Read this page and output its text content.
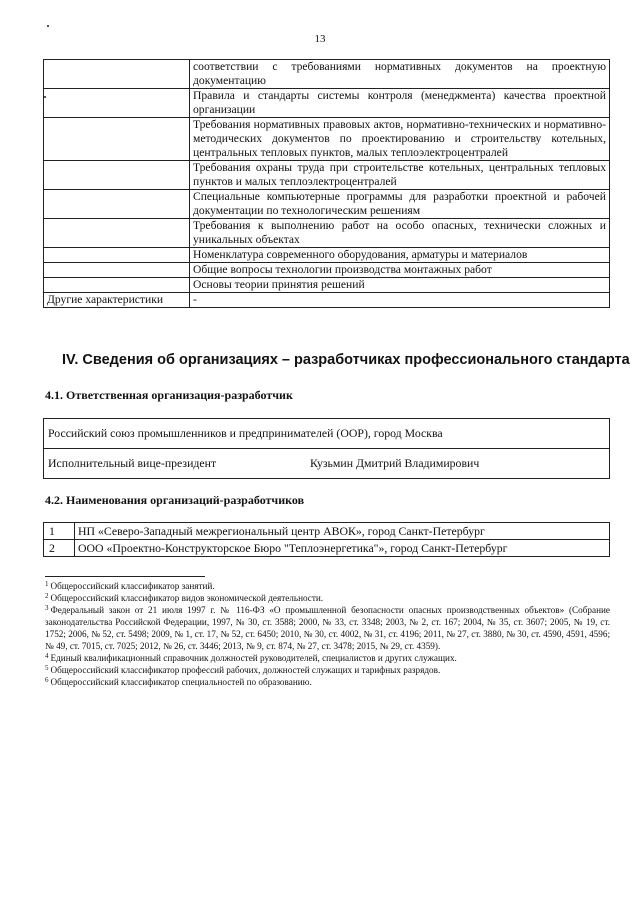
13
	соответствии с требованиями нормативных документов на проектную документацию
	Правила и стандарты системы контроля (менеджмента) качества проектной организации
	Требования нормативных правовых актов, нормативно-технических и нормативно-методических документов по проектированию и строительству котельных, центральных тепловых пунктов, малых теплоэлектроцентралей
	Требования охраны труда при строительстве котельных, центральных тепловых пунктов и малых теплоэлектроцентралей
	Специальные компьютерные программы для разработки проектной и рабочей документации по технологическим решениям
	Требования к выполнению работ на особо опасных, технически сложных и уникальных объектах
	Номенклатура современного оборудования, арматуры и материалов
	Общие вопросы технологии производства монтажных работ
	Основы теории принятия решений
Другие характеристики	-
IV. Сведения об организациях – разработчиках профессионального стандарта
4.1. Ответственная организация-разработчик
Российский союз промышленников и предпринимателей (ООР), город Москва
Исполнительный вице-президент	Кузьмин Дмитрий Владимирович
4.2. Наименования организаций-разработчиков
1	НП «Северо-Западный межрегиональный центр АВОК», город Санкт-Петербург
2	ООО «Проектно-Конструкторское Бюро "Теплоэнергетика"», город Санкт-Петербург

$^1$ Общероссийский классификатор занятий.

$^2$ Общероссийский классификатор видов экономической деятельности.

$^3$ Федеральный закон от 21 июля 1997 г. № 116-ФЗ «О промышленной безопасности опасных производственных объектов» (Собрание законодательства Российской Федерации, 1997, № 30, ст. 3588; 2000, № 33, ст. 3348; 2003, № 2, ст. 167; 2004, № 35, ст. 3607; 2005, № 19, ст. 1752; 2006, № 52, ст. 5498; 2009, № 1, ст. 17, № 52, ст. 6450; 2010, № 30, ст. 4002, № 31, ст. 4196; 2011, № 27, ст. 3880, № 30, ст. 4590, 4591, 4596; № 49, ст. 7015, ст. 7025; 2012, № 26, ст. 3446; 2013, № 9, ст. 874, № 27, ст. 3478; 2015, № 29, ст. 4359).

$^4$ Единый квалификационный справочник должностей руководителей, специалистов и других служащих.

$^5$ Общероссийский классификатор профессий рабочих, должностей служащих и тарифных разрядов.

$^6$ Общероссийский классификатор специальностей по образованию.
